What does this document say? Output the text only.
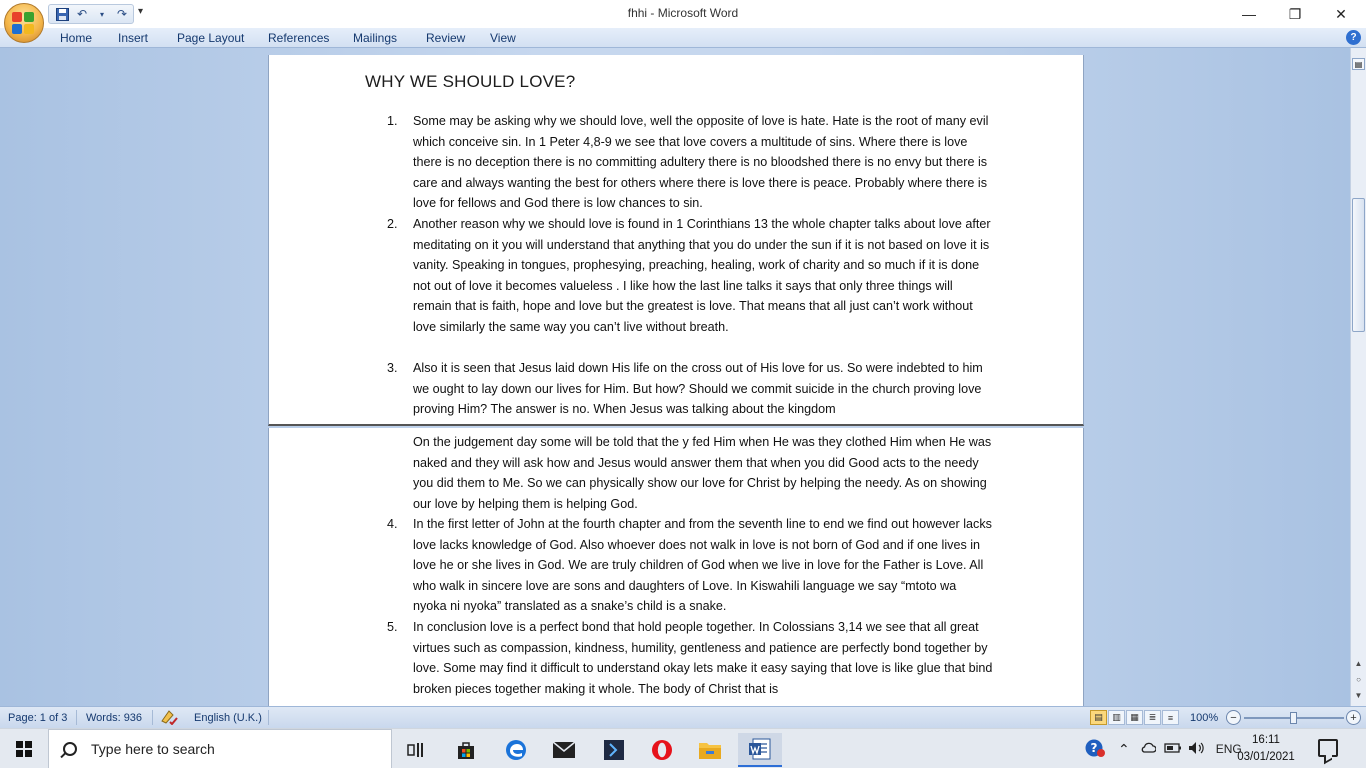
↶	▾	↷	▾	fhhi - Microsoft Word	—	❐	✕
Home Insert Page Layout References Mailings Review View	?
WHY WE SHOULD LOVE?
1. Some may be asking why we should love, well the opposite of love is hate. Hate is the root of many evil which conceive sin. In 1 Peter 4,8-9 we see that love covers a multitude of sins. Where there is love there is no deception there is no committing adultery there is no bloodshed there is no envy but there is care and always wanting the best for others where there is love there is peace. Probably where there is love for fellows and God there is low chances to sin.
2. Another reason why we should love is found in 1 Corinthians 13 the whole chapter talks about love after meditating on it you will understand that anything that you do under the sun if it is not based on love it is vanity. Speaking in tongues, prophesying, preaching, healing, work of charity and so much if it is done not out of love it becomes valueless . I like how the last line talks it says that only three things will remain that is faith, hope and love but the greatest is love. That means that all just can’t work without love similarly the same way you can’t live without breath.
3. Also it is seen that Jesus laid down His life on the cross out of His love for us. So were indebted to him we ought to lay down our lives for Him. But how? Should we commit suicide in the church proving love proving Him? The answer is no. When Jesus was talking about the kingdom
On the judgement day some will be told that the y fed Him when He was they clothed Him when He was naked and they will ask how and Jesus would answer them that when you did Good acts to the needy you did them to Me. So we can physically show our love for Christ by helping the needy. As on showing our love by helping them is helping God.
4. In the first letter of John at the fourth chapter and from the seventh line to end we find out however lacks love lacks knowledge of God. Also whoever does not walk in love is not born of God and if one lives in love he or she lives in God. We are truly children of God when we live in love for the Father is Love. All who walk in sincere love are sons and daughters of Love. In Kiswahili language we say “mtoto wa nyoka ni nyoka” translated as a snake’s child is a snake.
5. In conclusion love is a perfect bond that hold people together. In Colossians 3,14 we see that all great virtues such as compassion, kindness, humility, gentleness and patience are perfectly bond together by love. Some may find it difficult to understand okay lets make it easy saying that love is like glue that bind broken pieces together making it whole. The body of Christ that is
▤
▲
○
▼
Page: 1 of 3 Words: 936	English (U.K.)	▤	▥	▦	≣	≡	100%	−	+
Type here to search
? ⌃	ENG
16:11
03/01/2021
